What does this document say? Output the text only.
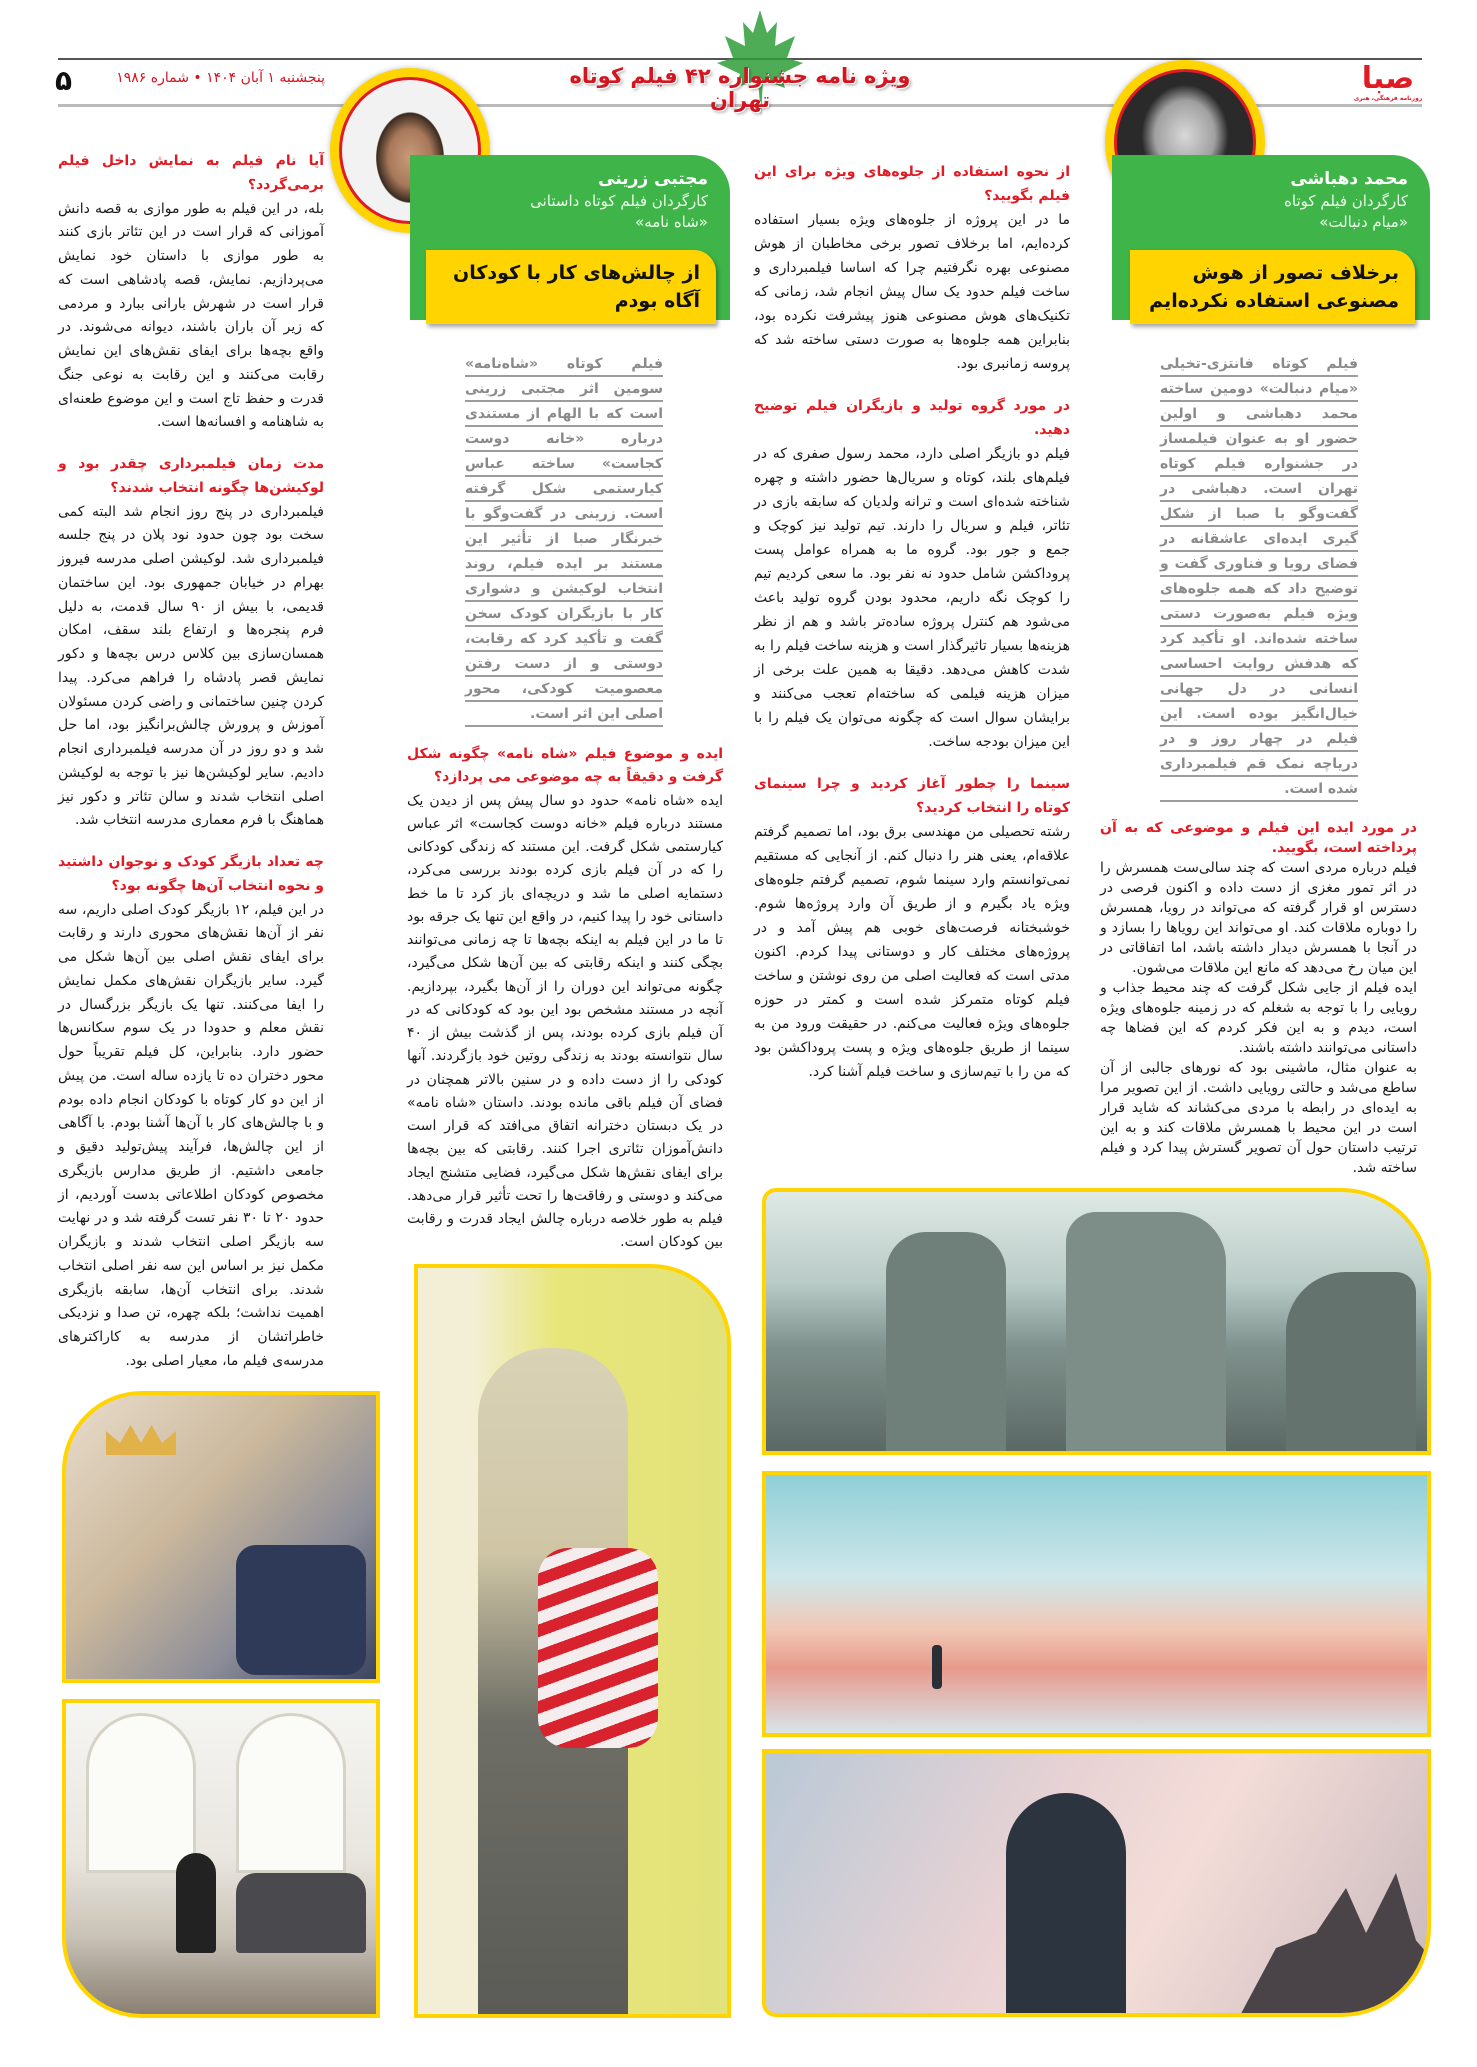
صبا
روزنامه فرهنگی، هنری
ویژه نامه جشنواره ۴۲ فیلم کوتاه تهران
پنجشنبه ۱ آبان ۱۴۰۴ • شماره ۱۹۸۶
۵
محمد دهباشی
کارگردان فیلم کوتاه
«میام دنبالت»
برخلاف تصور از هوش مصنوعی استفاده نکرده‌ایم
مجتبی زرینی
کارگردان فیلم کوتاه داستانی
«شاه نامه»
از چالش‌های کار با کودکان آگاه بودم
فیلم کوتاه فانتزی-تخیلی «میام دنبالت» دومین ساخته محمد دهباشی و اولین حضور او به عنوان فیلمساز در جشنواره فیلم کوتاه تهران است. دهباشی در گفت‌وگو با صبا از شکل گیری ایده‌ای عاشقانه در فضای رویا و فناوری گفت و توضیح داد که همه جلوه‌های ویژه فیلم به‌صورت دستی ساخته شده‌اند. او تأکید کرد که هدفش روایت احساسی انسانی در دل جهانی خیال‌انگیز بوده است. این فیلم در چهار روز و در دریاچه نمک قم فیلمبرداری شده است.

در مورد ایده این فیلم و موضوعی که به آن پرداخته است، بگویید.

فیلم درباره مردی است که چند سالی‌ست همسرش را در اثر تمور مغزی از دست داده و اکنون فرصی در دسترس او قرار گرفته که می‌تواند در رویا، همسرش را دوباره ملاقات کند. او می‌تواند این رویاها را بسازد و در آنجا با همسرش دیدار داشته باشد، اما اتفاقاتی در این میان رخ می‌دهد که مانع این ملاقات می‌شون.

ایده فیلم از جایی شکل گرفت که چند محیط جذاب و رویایی را با توجه به شغلم که در زمینه جلوه‌های ویژه است، دیدم و به این فکر کردم که این فضاها چه داستانی می‌توانند داشته باشند.

به عنوان مثال، ماشینی بود که نورهای جالبی از آن ساطع می‌شد و حالتی رویایی داشت. از این تصویر مرا به ایده‌ای در رابطه با مردی می‌کشاند که شاید قرار است در این محیط با همسرش ملاقات کند و به این ترتیب داستان حول آن تصویر گسترش پیدا کرد و فیلم ساخته شد.

از نحوه استفاده از جلوه‌های ویژه برای این فیلم بگویید؟

ما در این پروژه از جلوه‌های ویژه بسیار استفاده کرده‌ایم، اما برخلاف تصور برخی مخاطبان از هوش مصنوعی بهره نگرفتیم چرا که اساسا فیلمبرداری و ساخت فیلم حدود یک سال پیش انجام شد، زمانی که تکنیک‌های هوش مصنوعی هنوز پیشرفت نکرده بود، بنابراین همه جلوه‌ها به صورت دستی ساخته شد که پروسه زمانبری بود.

در مورد گروه تولید و بازیگران فیلم توضیح دهید.

فیلم دو بازیگر اصلی دارد، محمد رسول صفری که در فیلم‌های بلند، کوتاه و سریال‌ها حضور داشته و چهره شناخته شده‌ای است و ترانه ولدیان که سابقه بازی در تئاتر، فیلم و سریال را دارند. تیم تولید نیز کوچک و جمع و جور بود. گروه ما به همراه عوامل پست پروداکشن شامل حدود نه نفر بود. ما سعی کردیم تیم را کوچک نگه داریم، محدود بودن گروه تولید باعث می‌شود هم کنترل پروژه ساده‌تر باشد و هم از نظر هزینه‌ها بسیار تاثیرگذار است و هزینه ساخت فیلم را به شدت کاهش می‌دهد. دقیقا به همین علت برخی از میزان هزینه فیلمی که ساخته‌ام تعجب می‌کنند و برایشان سوال است که چگونه می‌توان یک فیلم را با این میزان بودجه ساخت.

سینما را چطور آغاز کردید و چرا سینمای کوتاه را انتخاب کردید؟

رشته تحصیلی من مهندسی برق بود، اما تصمیم گرفتم علاقه‌ام، یعنی هنر را دنبال کنم. از آنجایی که مستقیم نمی‌توانستم وارد سینما شوم، تصمیم گرفتم جلوه‌های ویژه یاد بگیرم و از طریق آن وارد پروژه‌ها شوم. خوشبختانه فرصت‌های خوبی هم پیش آمد و در پروژه‌های مختلف کار و دوستانی پیدا کردم. اکنون مدتی است که فعالیت اصلی من روی نوشتن و ساخت فیلم کوتاه متمرکز شده است و کمتر در حوزه جلوه‌های ویژه فعالیت می‌کنم. در حقیقت ورود من به سینما از طریق جلوه‌های ویژه و پست پروداکشن بود که من را با تیم‌سازی و ساخت فیلم آشنا کرد.

فیلم کوتاه «شاه‌نامه» سومین اثر مجتبی زرینی است که با الهام از مستندی درباره «خانه دوست کجاست» ساخته عباس کیارستمی شکل گرفته است. زرینی در گفت‌وگو با خبرنگار صبا از تأثیر این مستند بر ایده فیلم، روند انتخاب لوکیشن و دشواری کار با بازیگران کودک سخن گفت و تأکید کرد که رقابت، دوستی و از دست رفتن معصومیت کودکی، محور اصلی این اثر است.

ایده و موضوع فیلم «شاه نامه» چگونه شکل گرفت و دقیقاً به چه موضوعی می پردازد؟

ایده «شاه نامه» حدود دو سال پیش پس از دیدن یک مستند درباره فیلم «خانه دوست کجاست» اثر عباس کیارستمی شکل گرفت. این مستند که زندگی کودکانی را که در آن فیلم بازی کرده بودند بررسی می‌کرد، دستمایه اصلی ما شد و دریچه‌ای باز کرد تا ما خط داستانی خود را پیدا کنیم، در واقع این تنها یک جرقه بود تا ما در این فیلم به اینکه بچه‌ها تا چه زمانی می‌توانند بچگی کنند و اینکه رقابتی که بین آن‌ها شکل می‌گیرد، چگونه می‌تواند این دوران را از آن‌ها بگیرد، بپردازیم. آنچه در مستند مشخص بود این بود که کودکانی که در آن فیلم بازی کرده بودند، پس از گذشت بیش از ۴۰ سال نتوانسته بودند به زندگی روتین خود بازگردند. آنها کودکی را از دست داده و در سنین بالاتر همچنان در فضای آن فیلم باقی مانده بودند. داستان «شاه نامه» در یک دبستان دخترانه اتفاق می‌افتد که قرار است دانش‌آموزان تئاتری اجرا کنند. رقابتی که بین بچه‌ها برای ایفای نقش‌ها شکل می‌گیرد، فضایی متشنج ایجاد می‌کند و دوستی و رفاقت‌ها را تحت تأثیر قرار می‌دهد. فیلم به طور خلاصه درباره چالش ایجاد قدرت و رقابت بین کودکان است.

آیا نام فیلم به نمایش داخل فیلم برمی‌گردد؟

بله، در این فیلم به طور موازی به قصه دانش آموزانی که قرار است در این تئاتر بازی کنند به طور موازی با داستان خود نمایش می‌پردازیم. نمایش، قصه پادشاهی است که قرار است در شهرش بارانی ببارد و مردمی که زیر آن باران باشند، دیوانه می‌شوند. در واقع بچه‌ها برای ایفای نقش‌های این نمایش رقابت می‌کنند و این رقابت به نوعی جنگ قدرت و حفظ تاج است و این موضوع طعنه‌ای به شاهنامه و افسانه‌ها است.

مدت زمان فیلمبرداری چقدر بود و لوکیشن‌ها چگونه انتخاب شدند؟

فیلمبرداری در پنج روز انجام شد البته کمی سخت بود چون حدود نود پلان در پنج جلسه فیلمبرداری شد. لوکیشن اصلی مدرسه فیروز بهرام در خیابان جمهوری بود. این ساختمان قدیمی، با بیش از ۹۰ سال قدمت، به دلیل فرم پنجره‌ها و ارتفاع بلند سقف، امکان همسان‌سازی بین کلاس درس بچه‌ها و دکور نمایش قصر پادشاه را فراهم می‌کرد. پیدا کردن چنین ساختمانی و راضی کردن مسئولان آموزش و پرورش چالش‌برانگیز بود، اما حل شد و دو روز در آن مدرسه فیلمبرداری انجام دادیم. سایر لوکیشن‌ها نیز با توجه به لوکیشن اصلی انتخاب شدند و سالن تئاتر و دکور نیز هماهنگ با فرم معماری مدرسه انتخاب شد.

چه تعداد بازیگر کودک و نوجوان داشتید و نحوه انتخاب آن‌ها چگونه بود؟

در این فیلم، ۱۲ بازیگر کودک اصلی داریم، سه نفر از آن‌ها نقش‌های محوری دارند و رقابت برای ایفای نقش اصلی بین آن‌ها شکل می گیرد. سایر بازیگران نقش‌های مکمل نمایش را ایفا می‌کنند. تنها یک بازیگر بزرگسال در نقش معلم و حدودا در یک سوم سکانس‌ها حضور دارد. بنابراین، کل فیلم تقریباً حول محور دختران ده تا یازده ساله است. من پیش از این دو کار کوتاه با کودکان انجام داده بودم و با چالش‌های کار با آن‌ها آشنا بودم. با آگاهی از این چالش‌ها، فرآیند پیش‌تولید دقیق و جامعی داشتیم. از طریق مدارس بازیگری مخصوص کودکان اطلاعاتی بدست آوردیم، از حدود ۲۰ تا ۳۰ نفر تست گرفته شد و در نهایت سه بازیگر اصلی انتخاب شدند و بازیگران مکمل نیز بر اساس این سه نفر اصلی انتخاب شدند. برای انتخاب آن‌ها، سابقه بازیگری اهمیت نداشت؛ بلکه چهره، تن صدا و نزدیکی خاطراتشان از مدرسه به کاراکترهای مدرسه‌ی فیلم ما، معیار اصلی بود.
